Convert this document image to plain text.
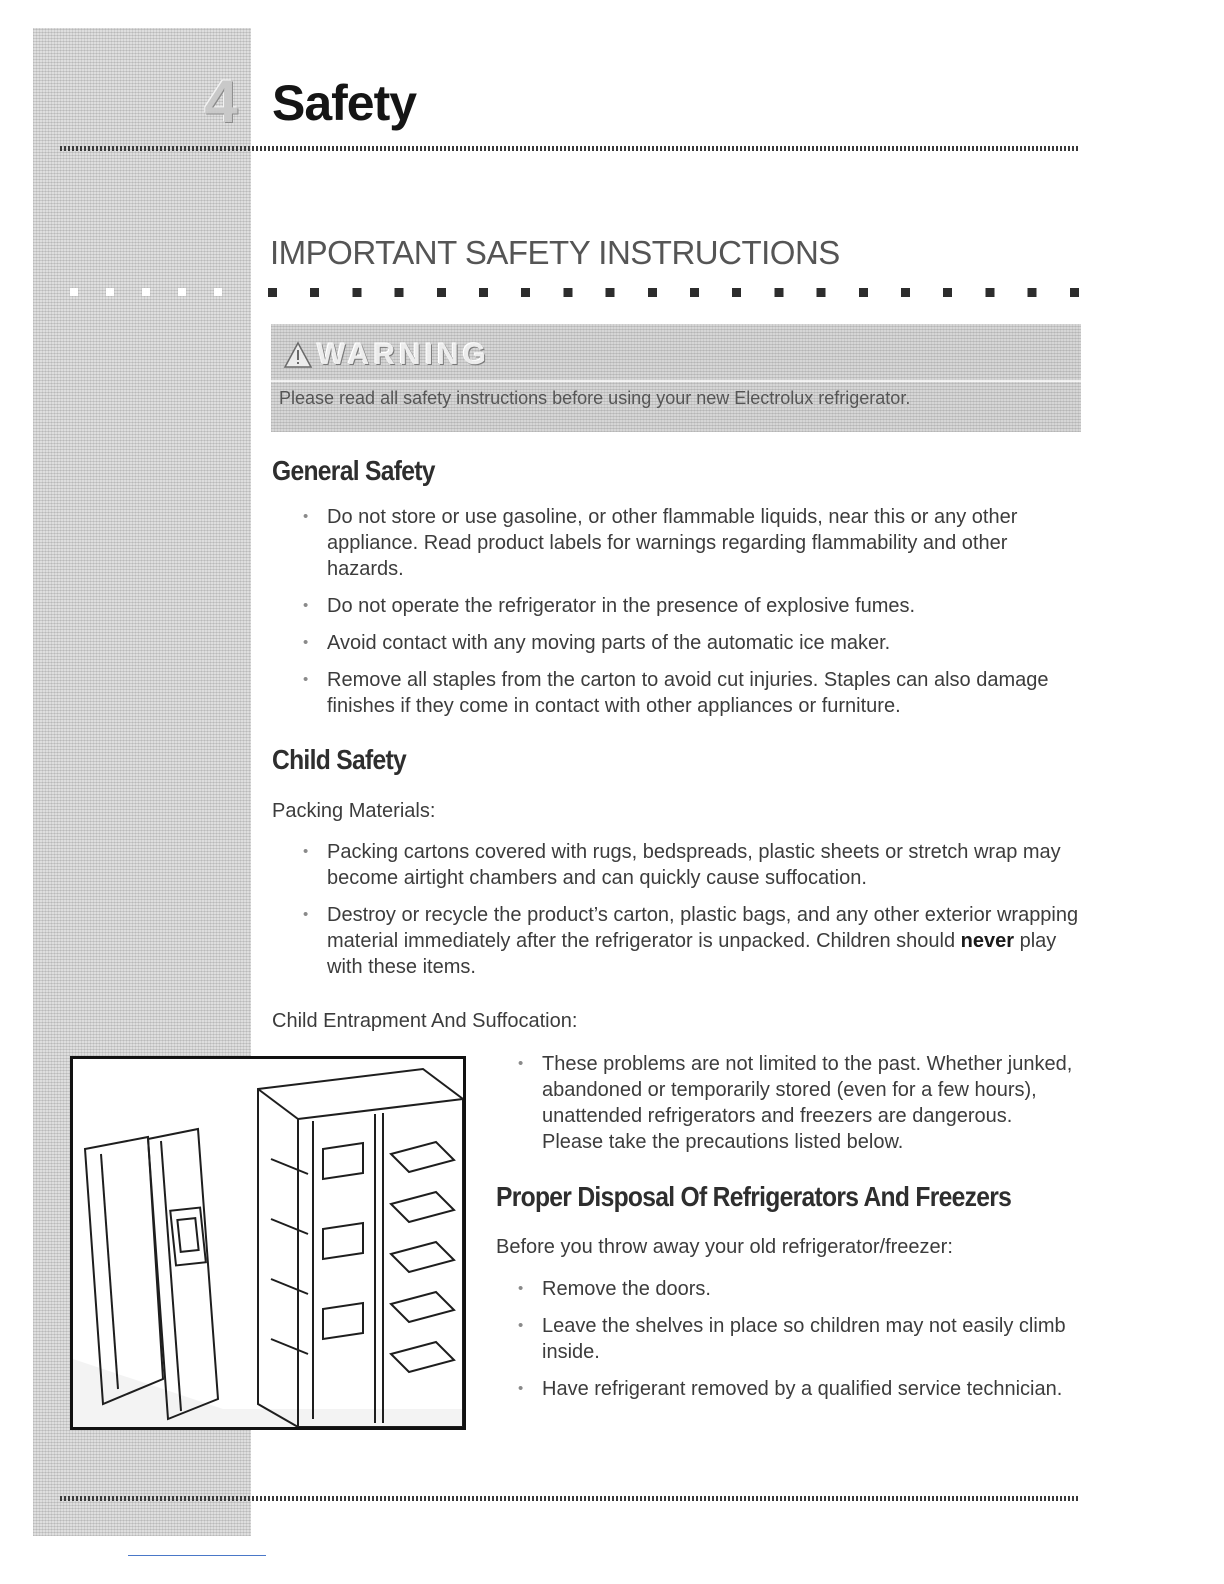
4 Safety
IMPORTANT SAFETY INSTRUCTIONS
WARNING
Please read all safety instructions before using your new Electrolux refrigerator.
General Safety
• Do not store or use gasoline, or other flammable liquids, near this or any other appliance. Read product labels for warnings regarding flammability and other hazards.
• Do not operate the refrigerator in the presence of explosive fumes.
• Avoid contact with any moving parts of the automatic ice maker.
• Remove all staples from the carton to avoid cut injuries. Staples can also damage finishes if they come in contact with other appliances or furniture.
Child Safety

Packing Materials:

• Packing cartons covered with rugs, bedspreads, plastic sheets or stretch wrap may become airtight chambers and can quickly cause suffocation.
• Destroy or recycle the product’s carton, plastic bags, and any other exterior wrapping material immediately after the refrigerator is unpacked. Children should never play with these items.

Child Entrapment And Suffocation:

• These problems are not limited to the past. Whether junked, abandoned or temporarily stored (even for a few hours), unattended refrigerators and freezers are dangerous. Please take the precautions listed below.
Proper Disposal Of Refrigerators And Freezers

Before you throw away your old refrigerator/freezer:

• Remove the doors.
• Leave the shelves in place so children may not easily climb inside.
• Have refrigerant removed by a qualified service technician.
